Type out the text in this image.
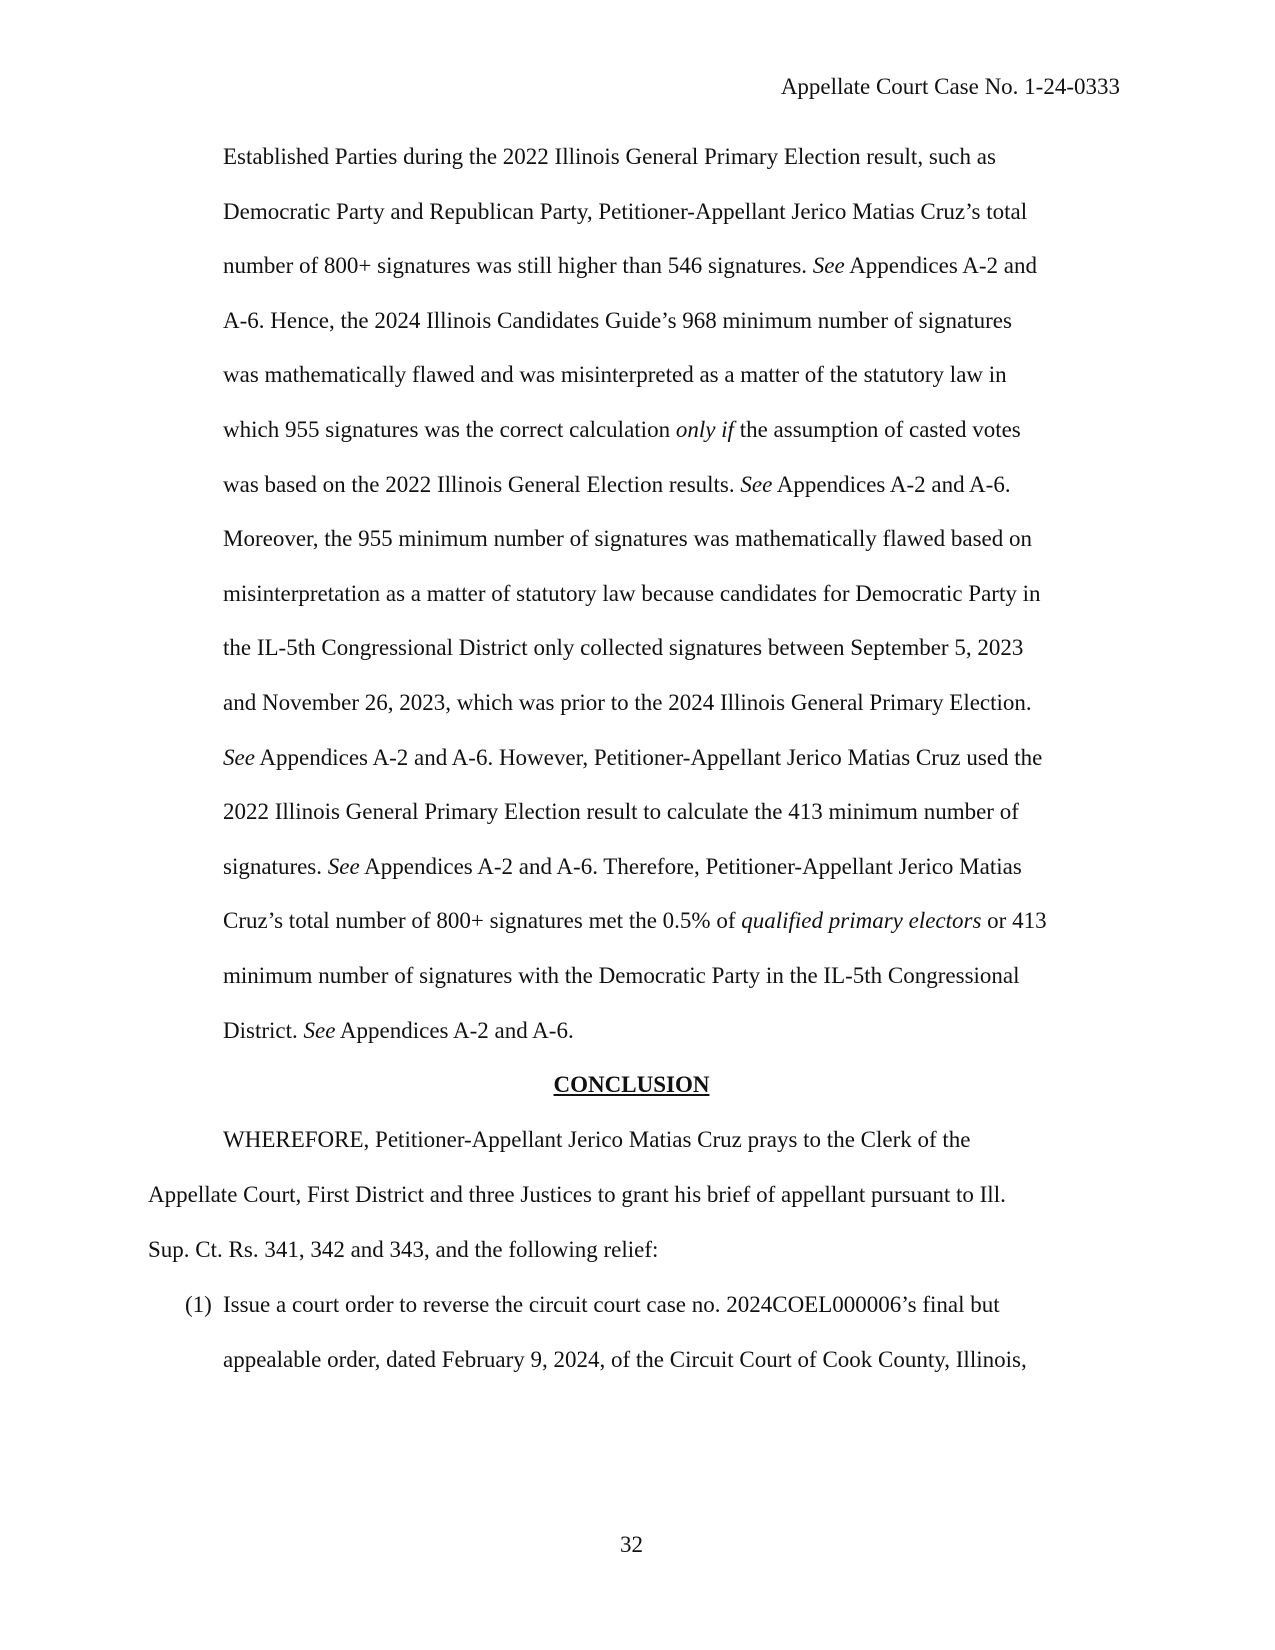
Appellate Court Case No. 1-24-0333
Established Parties during the 2022 Illinois General Primary Election result, such as
Democratic Party and Republican Party, Petitioner-Appellant Jerico Matias Cruz’s total
number of 800+ signatures was still higher than 546 signatures. See Appendices A-2 and
A-6. Hence, the 2024 Illinois Candidates Guide’s 968 minimum number of signatures
was mathematically flawed and was misinterpreted as a matter of the statutory law in
which 955 signatures was the correct calculation only if the assumption of casted votes
was based on the 2022 Illinois General Election results. See Appendices A-2 and A-6.
Moreover, the 955 minimum number of signatures was mathematically flawed based on
misinterpretation as a matter of statutory law because candidates for Democratic Party in
the IL-5th Congressional District only collected signatures between September 5, 2023
and November 26, 2023, which was prior to the 2024 Illinois General Primary Election.
See Appendices A-2 and A-6. However, Petitioner-Appellant Jerico Matias Cruz used the
2022 Illinois General Primary Election result to calculate the 413 minimum number of
signatures. See Appendices A-2 and A-6. Therefore, Petitioner-Appellant Jerico Matias
Cruz’s total number of 800+ signatures met the 0.5% of qualified primary electors or 413
minimum number of signatures with the Democratic Party in the IL-5th Congressional
District. See Appendices A-2 and A-6.
CONCLUSION
WHEREFORE, Petitioner-Appellant Jerico Matias Cruz prays to the Clerk of the
Appellate Court, First District and three Justices to grant his brief of appellant pursuant to Ill.
Sup. Ct. Rs. 341, 342 and 343, and the following relief:
(1) Issue a court order to reverse the circuit court case no. 2024COEL000006’s final but
appealable order, dated February 9, 2024, of the Circuit Court of Cook County, Illinois,
32
